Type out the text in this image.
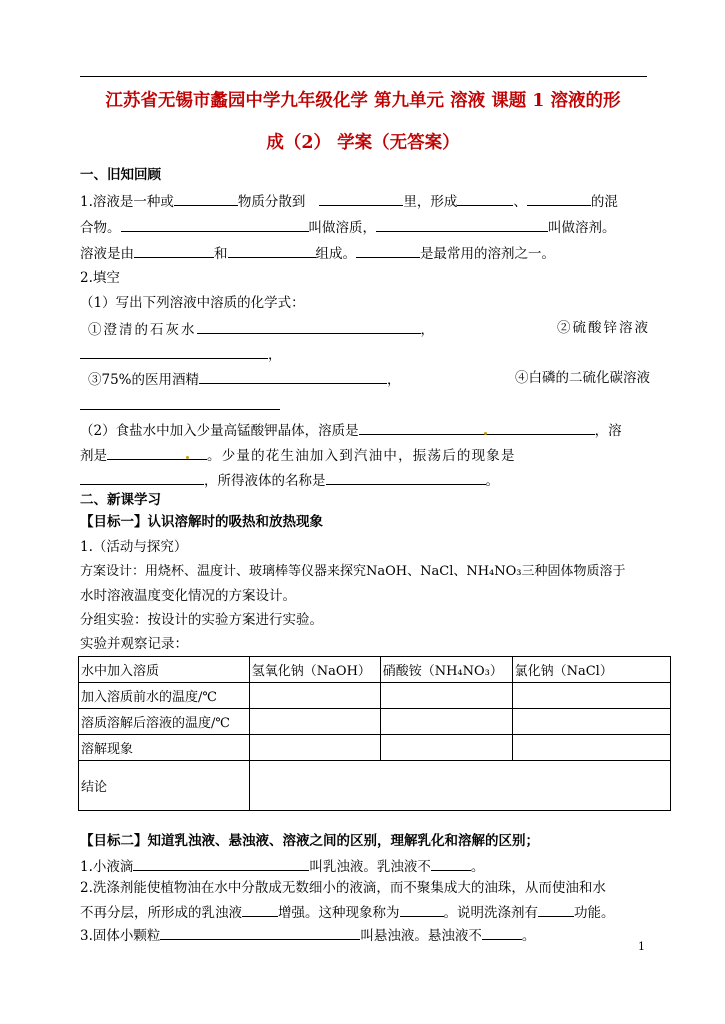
江苏省无锡市蠡园中学九年级化学 第九单元 溶液 课题 1 溶液的形
成（2） 学案（无答案）
一、旧知回顾
1.溶液是一种或	物质分散到	里，形成	、	的混
合物。	叫做溶质，	叫做溶剂。
溶液是由	和	组成。	是最常用的溶剂之一。
2.填空
（1）写出下列溶液中溶质的化学式：
①澄清的石灰水	，	②硫酸锌溶液
，
③75%的医用酒精	，	④白磷的二硫化碳溶液
（2）食盐水中加入少量高锰酸钾晶体，溶质是	，溶
剂是	。少量的花生油加入到汽油中，振荡后的现象是
，所得液体的名称是	。
二、新课学习
【目标一】认识溶解时的吸热和放热现象
1.（活动与探究）
方案设计：用烧杯、温度计、玻璃棒等仪器来探究NaOH、NaCl、NH₄NO₃三种固体物质溶于
水时溶液温度变化情况的方案设计。
分组实验：按设计的实验方案进行实验。
实验并观察记录：
水中加入溶质	氢氧化钠（NaOH）	硝酸铵（NH₄NO₃）	氯化钠（NaCl）
加入溶质前水的温度/℃			
溶质溶解后溶液的温度/℃			
溶解现象			
结论			
【目标二】知道乳浊液、悬浊液、溶液之间的区别，理解乳化和溶解的区别；
1.小液滴	叫乳浊液。乳浊液不	。
2.洗涤剂能使植物油在水中分散成无数细小的液滴，而不聚集成大的油珠，从而使油和水
不再分层，所形成的乳浊液	增强。这种现象称为	。说明洗涤剂有	功能。
3.固体小颗粒	叫悬浊液。悬浊液不	。
1
